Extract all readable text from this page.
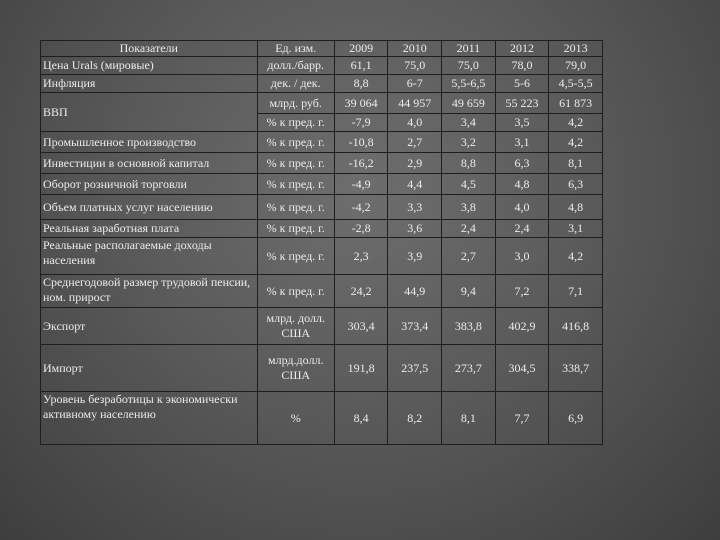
Показатели	Ед. изм.	2009	2010	2011	2012	2013
Цена Urals (мировые)	долл./барр.	61,1	75,0	75,0	78,0	79,0
Инфляция	дек. / дек.	8,8	6-7	5,5-6,5	5-6	4,5-5,5
ВВП	млрд. руб.	39 064	44 957	49 659	55 223	61 873
	% к пред. г.	-7,9	4,0	3,4	3,5	4,2
Промышленное производство	% к пред. г.	-10,8	2,7	3,2	3,1	4,2
Инвестиции в основной капитал	% к пред. г.	-16,2	2,9	8,8	6,3	8,1
Оборот розничной торговли	% к пред. г.	-4,9	4,4	4,5	4,8	6,3
Объем платных услуг населению	% к пред. г.	-4,2	3,3	3,8	4,0	4,8
Реальная заработная плата	% к пред. г.	-2,8	3,6	2,4	2,4	3,1
Реальные располагаемые доходы населения	% к пред. г.	2,3	3,9	2,7	3,0	4,2
Среднегодовой размер трудовой пенсии, ном. прирост	% к пред. г.	24,2	44,9	9,4	7,2	7,1
Экспорт	млрд. долл. США	303,4	373,4	383,8	402,9	416,8
Импорт	млрд.долл. США	191,8	237,5	273,7	304,5	338,7
Уровень безработицы к экономически активному населению	%	8,4	8,2	8,1	7,7	6,9
